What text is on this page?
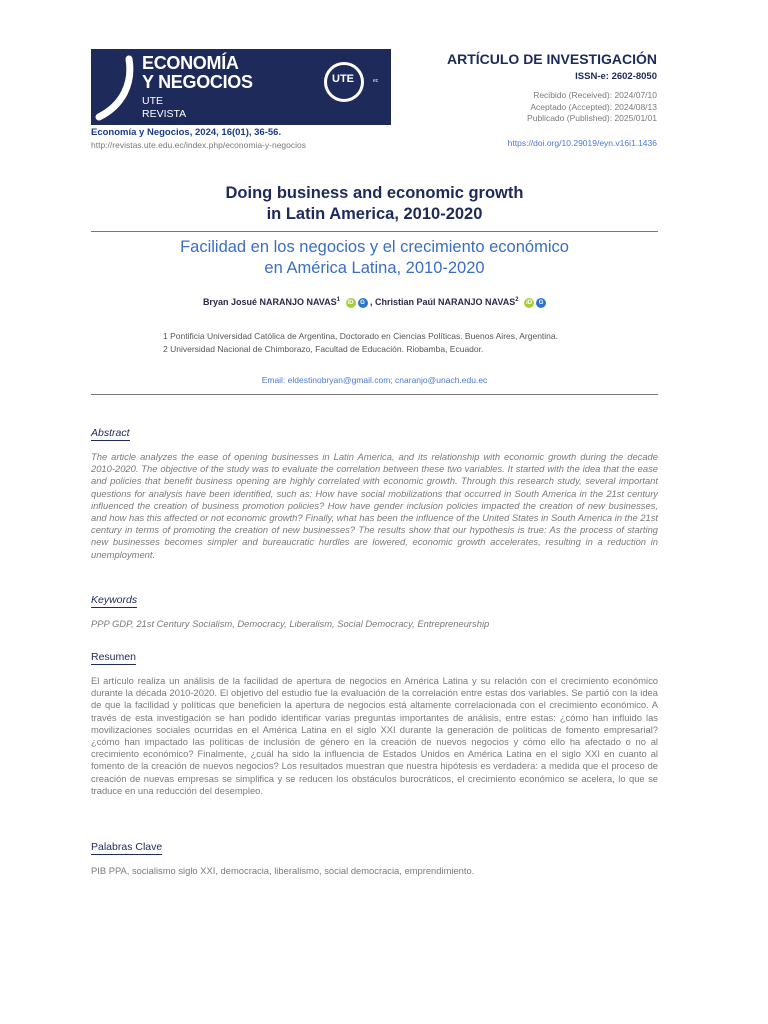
ECONOMÍA
Y NEGOCIOS
UTE
REVISTA
UTE	ec
Economía y Negocios, 2024, 16(01), 36-56.
http://revistas.ute.edu.ec/index.php/economia-y-negocios
ARTÍCULO DE INVESTIGACIÓN
ISSN-e: 2602-8050
Recibido (Received): 2024/07/10
Aceptado (Accepted): 2024/08/13
Publicado (Published): 2025/01/01
https://doi.org/10.29019/eyn.v16i1.1436
Doing business and economic growth
in Latin America, 2010-2020
Facilidad en los negocios y el crecimiento económico
en América Latina, 2010-2020
Bryan Josué NARANJO NAVAS$^1$ iD G , Christian Paúl NARANJO NAVAS$^2$ iD G
1 Pontificia Universidad Católica de Argentina, Doctorado en Ciencias Políticas. Buenos Aires, Argentina.
2 Universidad Nacional de Chimborazo, Facultad de Educación. Riobamba, Ecuador.
Email: eldestinobryan@gmail.com; cnaranjo@unach.edu.ec
Abstract
The article analyzes the ease of opening businesses in Latin America, and its relationship with economic growth during the decade 2010-2020. The objective of the study was to evaluate the correlation between these two variables. It started with the idea that the ease and policies that benefit business opening are highly correlated with economic growth. Through this research study, several important questions for analysis have been identified, such as: How have social mobilizations that occurred in South America in the 21st century influenced the creation of business promotion policies? How have gender inclusion policies impacted the creation of new businesses, and how has this affected or not economic growth? Finally, what has been the influence of the United States in South America in the 21st century in terms of promoting the creation of new businesses? The results show that our hypothesis is true: As the process of starting new businesses becomes simpler and bureaucratic hurdles are lowered, economic growth accelerates, resulting in a reduction in unemployment.
Keywords
PPP GDP, 21st Century Socialism, Democracy, Liberalism, Social Democracy, Entrepreneurship
Resumen
El artículo realiza un análisis de la facilidad de apertura de negocios en América Latina y su relación con el crecimiento económico durante la década 2010-2020. El objetivo del estudio fue la evaluación de la correlación entre estas dos variables. Se partió con la idea de que la facilidad y políticas que beneficien la apertura de negocios está altamente correlacionada con el crecimiento económico. A través de esta investigación se han podido identificar varias preguntas importantes de análisis, entre estas: ¿cómo han influido las movilizaciones sociales ocurridas en el América Latina en el siglo XXI durante la generación de políticas de fomento empresarial? ¿cómo han impactado las políticas de inclusión de género en la creación de nuevos negocios y cómo ello ha afectado o no al crecimiento económico? Finalmente, ¿cuál ha sido la influencia de Estados Unidos en América Latina en el siglo XXI en cuanto al fomento de la creación de nuevos negocios? Los resultados muestran que nuestra hipótesis es verdadera: a medida que el proceso de creación de nuevas empresas se simplifica y se reducen los obstáculos burocráticos, el crecimiento económico se acelera, lo que se traduce en una reducción del desempleo.
Palabras Clave
PIB PPA, socialismo siglo XXI, democracia, liberalismo, social democracia, emprendimiento.
